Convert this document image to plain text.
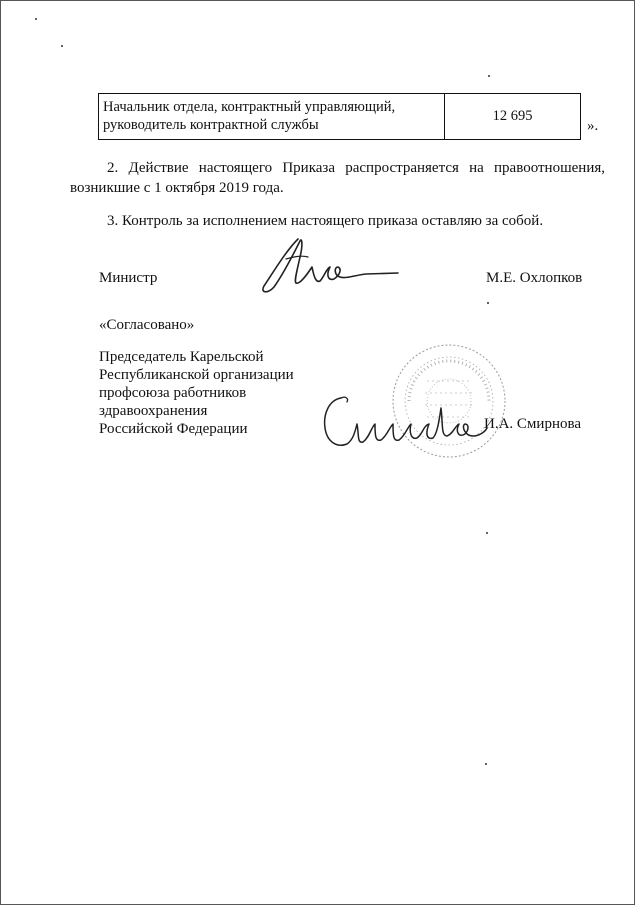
Начальник отдела, контрактный управляющий,
руководитель контрактной службы
12 695
».
2. Действие настоящего Приказа распространяется на правоотношения, возникшие с 1 октября 2019 года.
3. Контроль за исполнением настоящего приказа оставляю за собой.
Министр	М.Е. Охлопков
«Согласовано»
Председатель Карельской
Республиканской организации
профсоюза работников
здравоохранения
Российской Федерации	И.А. Смирнова
